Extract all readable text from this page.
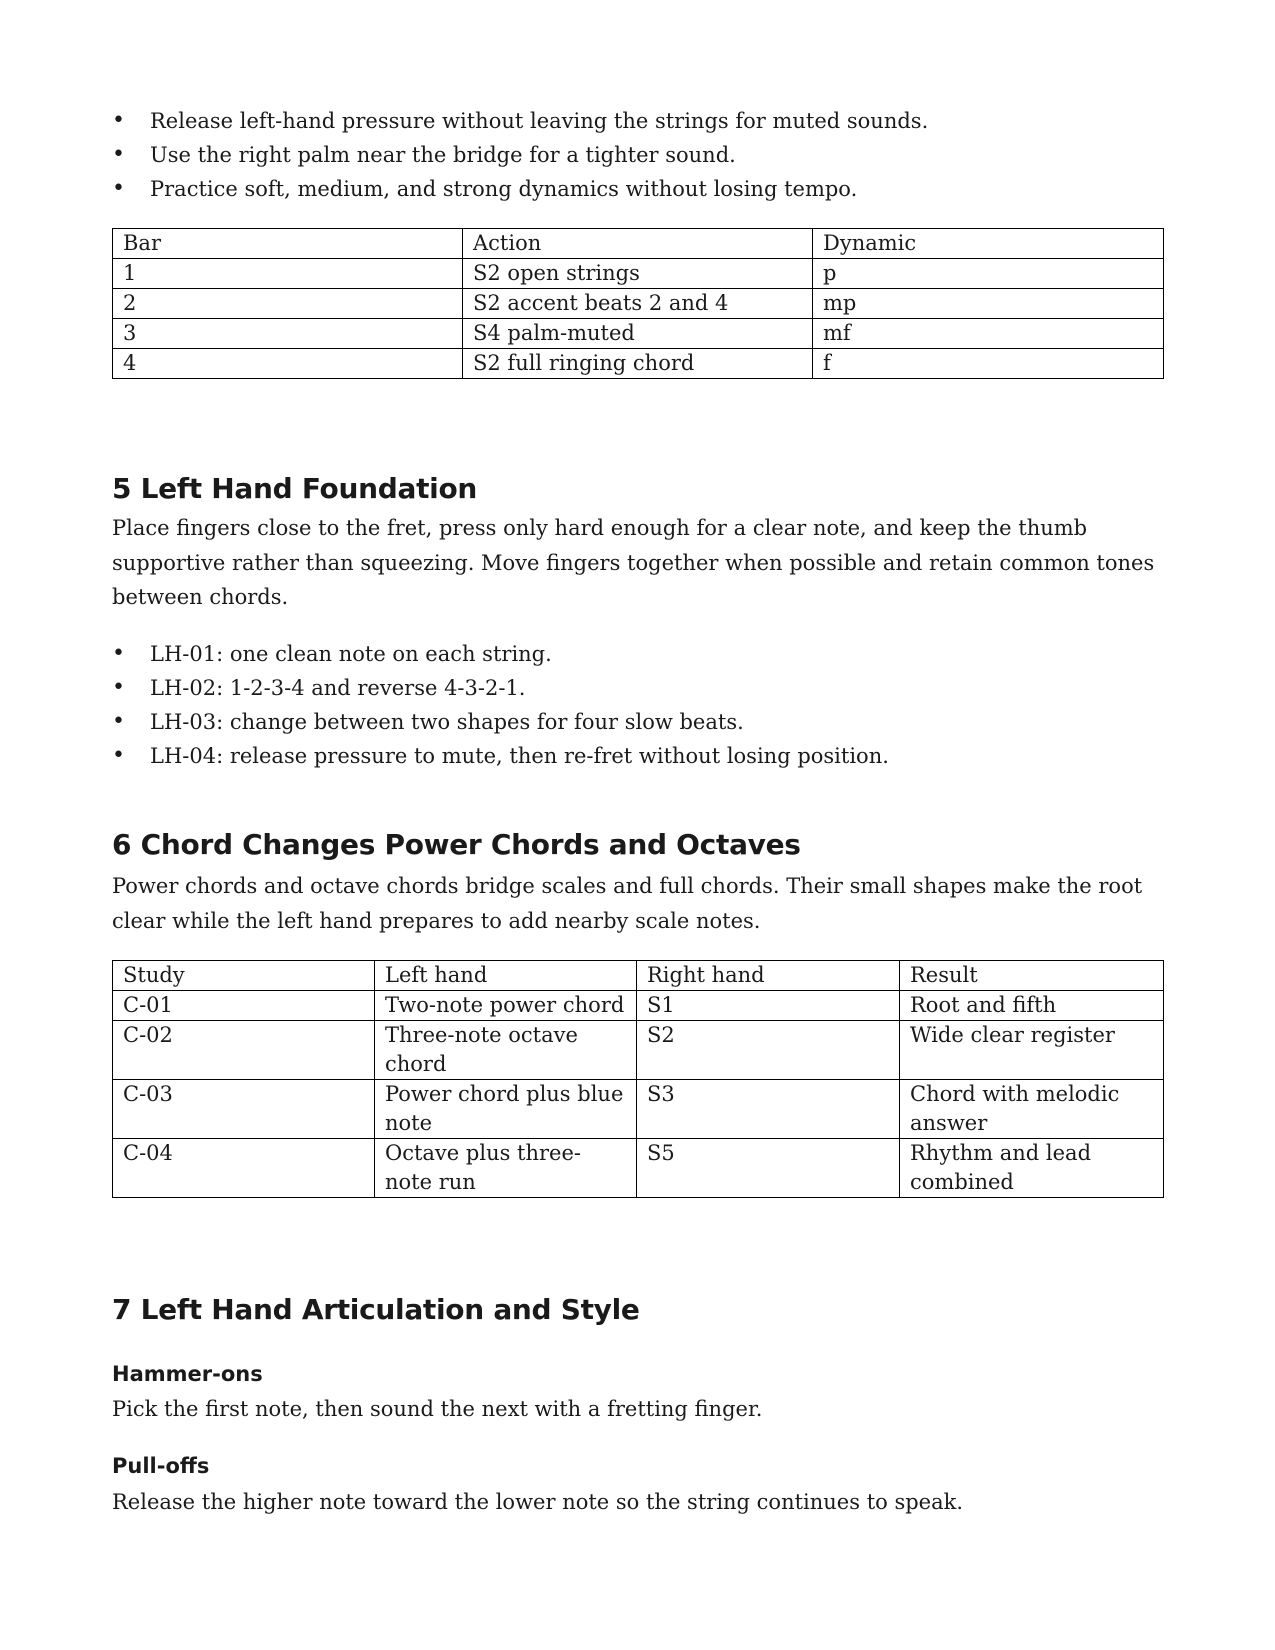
• Release left-hand pressure without leaving the strings for muted sounds.
• Use the right palm near the bridge for a tighter sound.
• Practice soft, medium, and strong dynamics without losing tempo.
Bar	Action	Dynamic
1	S2 open strings	p
2	S2 accent beats 2 and 4	mp
3	S4 palm-muted	mf
4	S2 full ringing chord	f
5 Left Hand Foundation

Place fingers close to the fret, press only hard enough for a clear note, and keep the thumb supportive rather than squeezing. Move fingers together when possible and retain common tones between chords.

• LH-01: one clean note on each string.
• LH-02: 1-2-3-4 and reverse 4-3-2-1.
• LH-03: change between two shapes for four slow beats.
• LH-04: release pressure to mute, then re-fret without losing position.
6 Chord Changes Power Chords and Octaves

Power chords and octave chords bridge scales and full chords. Their small shapes make the root clear while the left hand prepares to add nearby scale notes.

Study	Left hand	Right hand	Result
C-01	Two-note power chord	S1	Root and fifth
C-02	Three-note octave chord	S2	Wide clear register
C-03	Power chord plus blue note	S3	Chord with melodic answer
C-04	Octave plus three-note run	S5	Rhythm and lead combined
7 Left Hand Articulation and Style
Hammer-ons

Pick the first note, then sound the next with a fretting finger.

Pull-offs

Release the higher note toward the lower note so the string continues to speak.
